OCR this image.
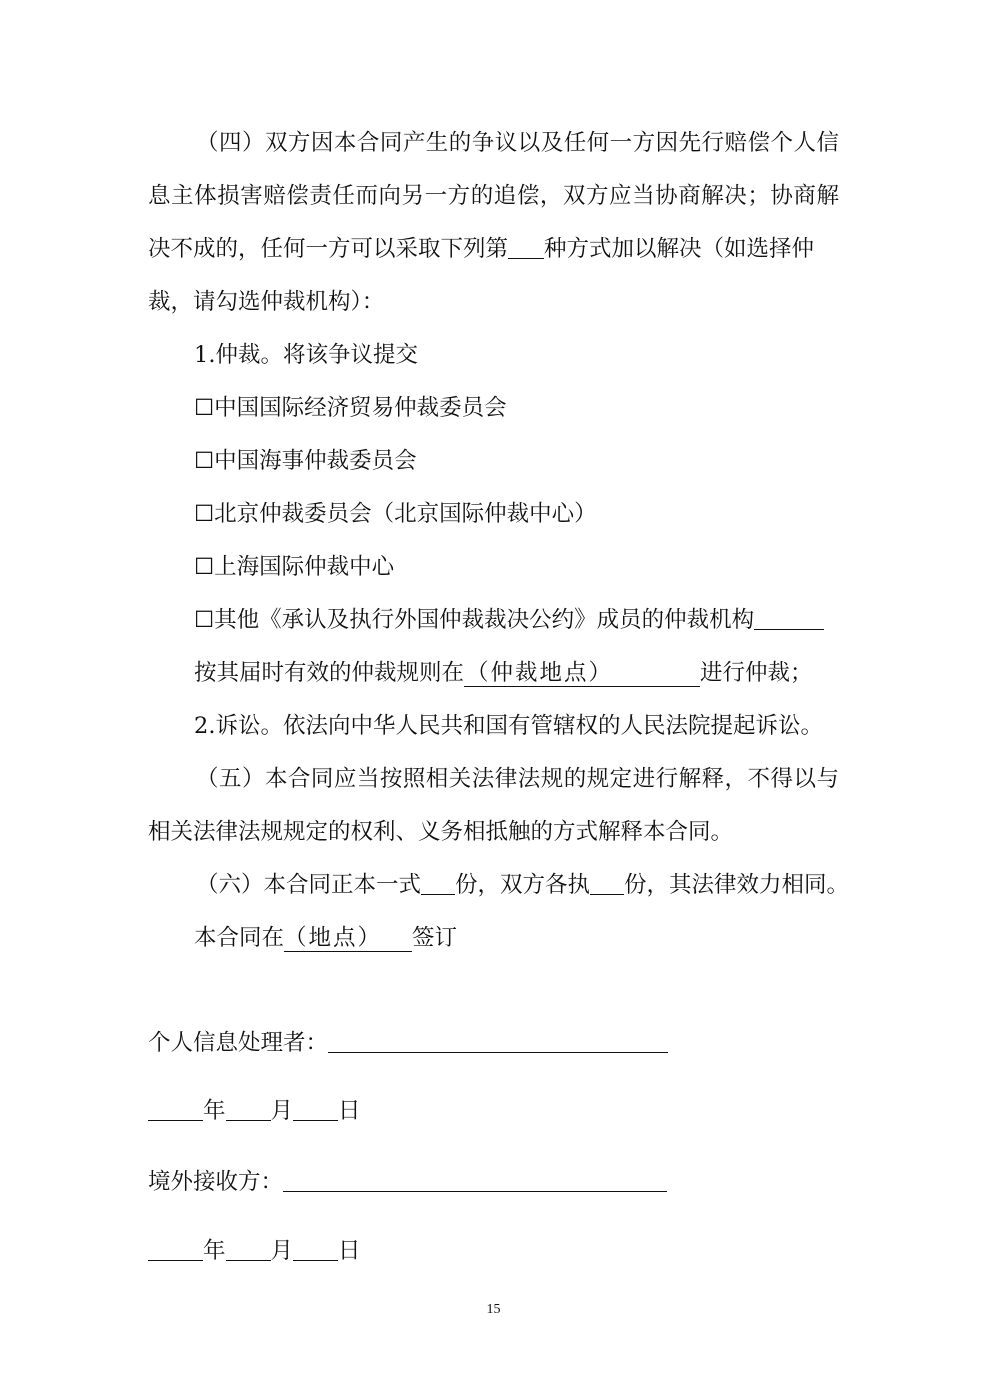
（四）双方因本合同产生的争议以及任何一方因先行赔偿个人信
息主体损害赔偿责任而向另一方的追偿，双方应当协商解决；协商解
决不成的，任何一方可以采取下列第 种方式加以解决（如选择仲
裁，请勾选仲裁机构）：
1.仲裁。将该争议提交
☐中国国际经济贸易仲裁委员会
☐中国海事仲裁委员会
☐北京仲裁委员会（北京国际仲裁中心）
☐上海国际仲裁中心
☐其他《承认及执行外国仲裁裁决公约》成员的仲裁机构
按其届时有效的仲裁规则在（仲裁地点）	进行仲裁；
2.诉讼。依法向中华人民共和国有管辖权的人民法院提起诉讼。
（五）本合同应当按照相关法律法规的规定进行解释，不得以与
相关法律法规规定的权利、义务相抵触的方式解释本合同。
（六）本合同正本一式 份，双方各执 份，其法律效力相同。
本合同在（地点） 签订
个人信息处理者：
年 月 日
境外接收方：
年 月 日
15
